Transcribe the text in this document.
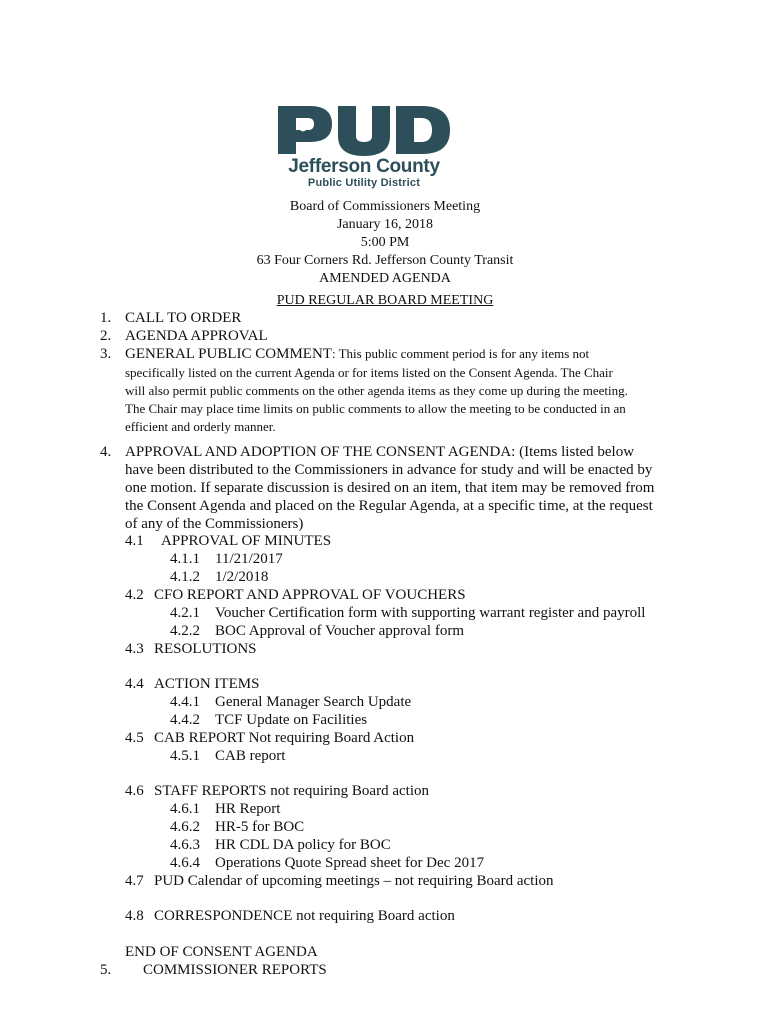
Jefferson County
Public Utility District
Board of Commissioners Meeting
January 16, 2018
5:00 PM
63 Four Corners Rd. Jefferson County Transit
AMENDED AGENDA
PUD REGULAR BOARD MEETING
1. CALL TO ORDER
2. AGENDA APPROVAL
3. GENERAL PUBLIC COMMENT: This public comment period is for any items not
specifically listed on the current Agenda or for items listed on the Consent Agenda. The Chair
will also permit public comments on the other agenda items as they come up during the meeting.
The Chair may place time limits on public comments to allow the meeting to be conducted in an
efficient and orderly manner.
4. APPROVAL AND ADOPTION OF THE CONSENT AGENDA: (Items listed below
have been distributed to the Commissioners in advance for study and will be enacted by
one motion. If separate discussion is desired on an item, that item may be removed from
the Consent Agenda and placed on the Regular Agenda, at a specific time, at the request
of any of the Commissioners)
4.1 APPROVAL OF MINUTES
4.1.1 11/21/2017
4.1.2 1/2/2018
4.2 CFO REPORT AND APPROVAL OF VOUCHERS
4.2.1 Voucher Certification form with supporting warrant register and payroll
4.2.2 BOC Approval of Voucher approval form
4.3 RESOLUTIONS
4.4 ACTION ITEMS
4.4.1 General Manager Search Update
4.4.2 TCF Update on Facilities
4.5 CAB REPORT Not requiring Board Action
4.5.1 CAB report
4.6 STAFF REPORTS not requiring Board action
4.6.1 HR Report
4.6.2 HR-5 for BOC
4.6.3 HR CDL DA policy for BOC
4.6.4 Operations Quote Spread sheet for Dec 2017
4.7 PUD Calendar of upcoming meetings – not requiring Board action
4.8 CORRESPONDENCE not requiring Board action
END OF CONSENT AGENDA
5. COMMISSIONER REPORTS
